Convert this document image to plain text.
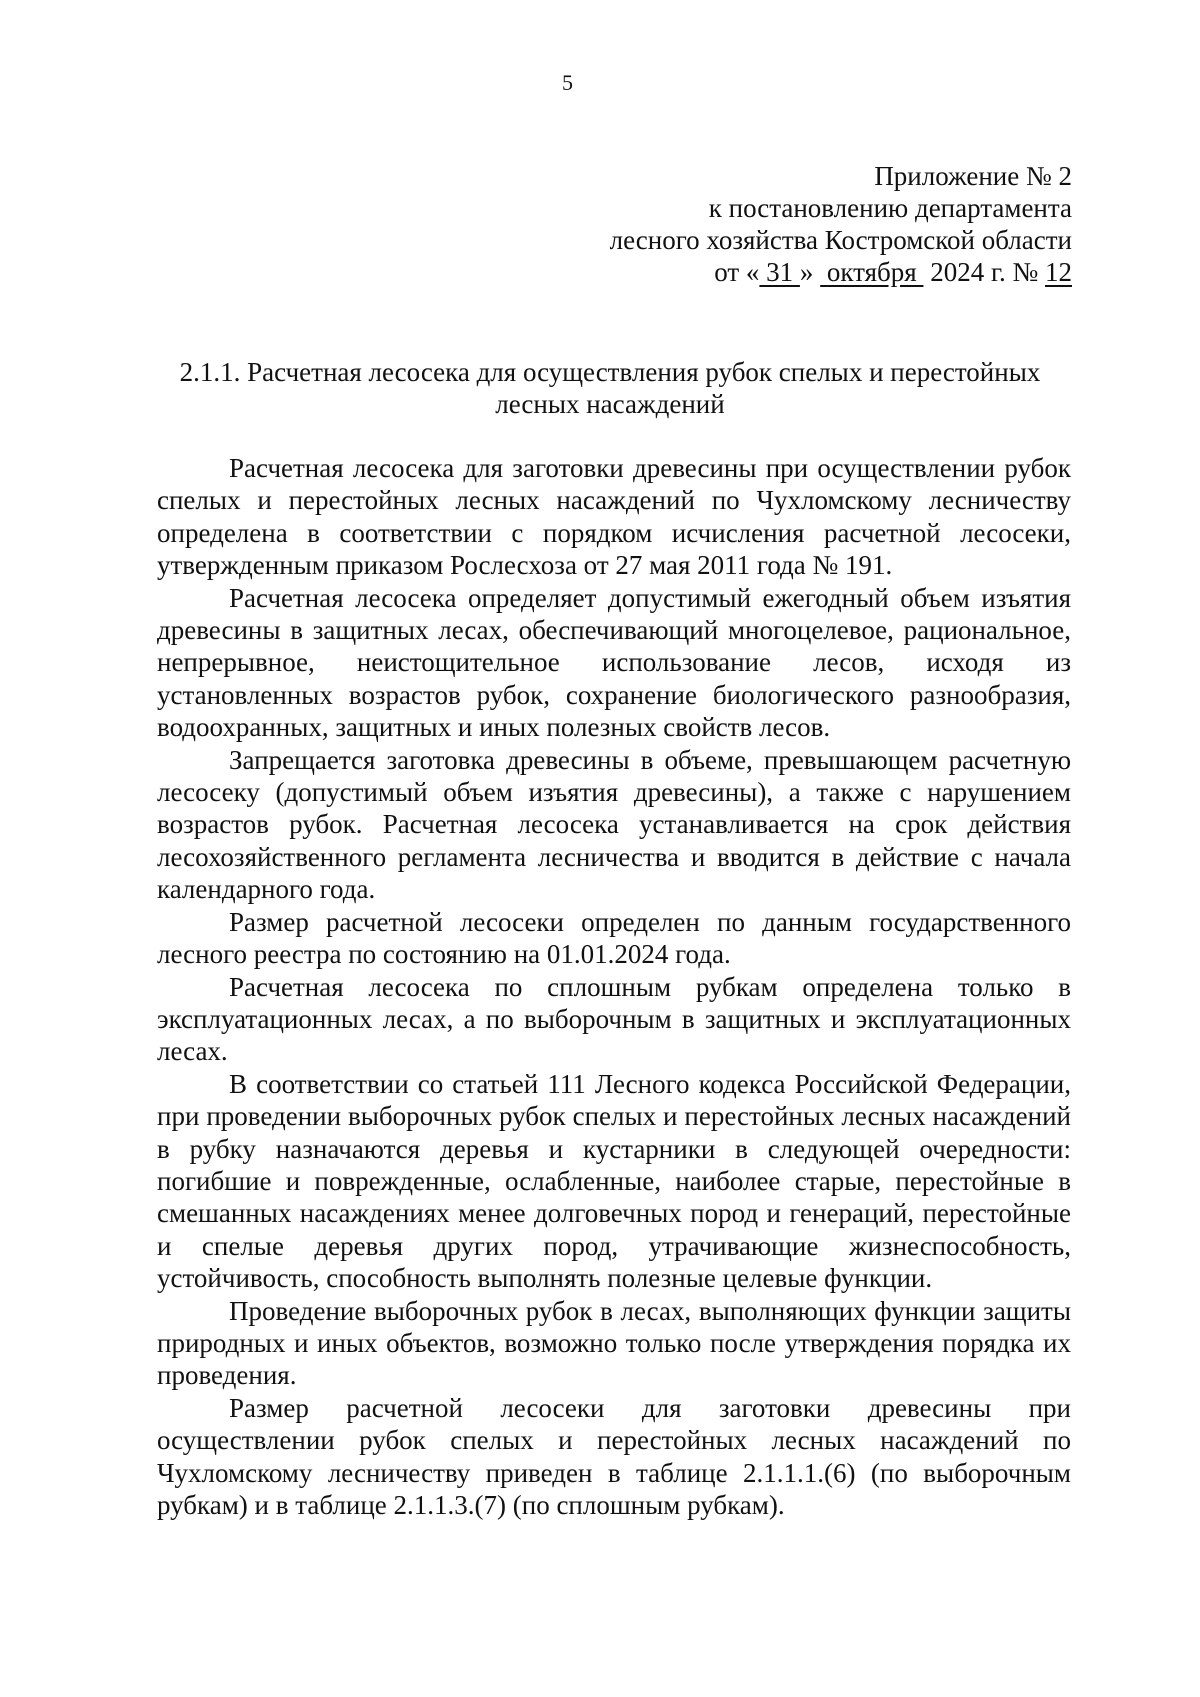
5
Приложение № 2
к постановлению департамента
лесного хозяйства Костромской области
от « 31 »  октября  2024 г. № 12
2.1.1. Расчетная лесосека для осуществления рубок спелых и перестойных лесных насаждений

Расчетная лесосека для заготовки древесины при осуществлении рубок спелых и перестойных лесных насаждений по Чухломскому лесничеству определена в соответствии с порядком исчисления расчетной лесосеки, утвержденным приказом Рослесхоза от 27 мая 2011 года № 191.

Расчетная лесосека определяет допустимый ежегодный объем изъятия древесины в защитных лесах, обеспечивающий многоцелевое, рациональное, непрерывное, неистощительное использование лесов, исходя из установленных возрастов рубок, сохранение биологического разнообразия, водоохранных, защитных и иных полезных свойств лесов.

Запрещается заготовка древесины в объеме, превышающем расчетную лесосеку (допустимый объем изъятия древесины), а также с нарушением возрастов рубок. Расчетная лесосека устанавливается на срок действия лесохозяйственного регламента лесничества и вводится в действие с начала календарного года.

Размер расчетной лесосеки определен по данным государственного лесного реестра по состоянию на 01.01.2024 года.

Расчетная лесосека по сплошным рубкам определена только в эксплуатационных лесах, а по выборочным в защитных и эксплуатационных лесах.

В соответствии со статьей 111 Лесного кодекса Российской Федерации, при проведении выборочных рубок спелых и перестойных лесных насаждений в рубку назначаются деревья и кустарники в следующей очередности: погибшие и поврежденные, ослабленные, наиболее старые, перестойные в смешанных насаждениях менее долговечных пород и генераций, перестойные и спелые деревья других пород, утрачивающие жизнеспособность, устойчивость, способность выполнять полезные целевые функции.

Проведение выборочных рубок в лесах, выполняющих функции защиты природных и иных объектов, возможно только после утверждения порядка их проведения.

Размер расчетной лесосеки для заготовки древесины при осуществлении рубок спелых и перестойных лесных насаждений по Чухломскому лесничеству приведен в таблице 2.1.1.1.(6) (по выборочным рубкам) и в таблице 2.1.1.3.(7) (по сплошным рубкам).
